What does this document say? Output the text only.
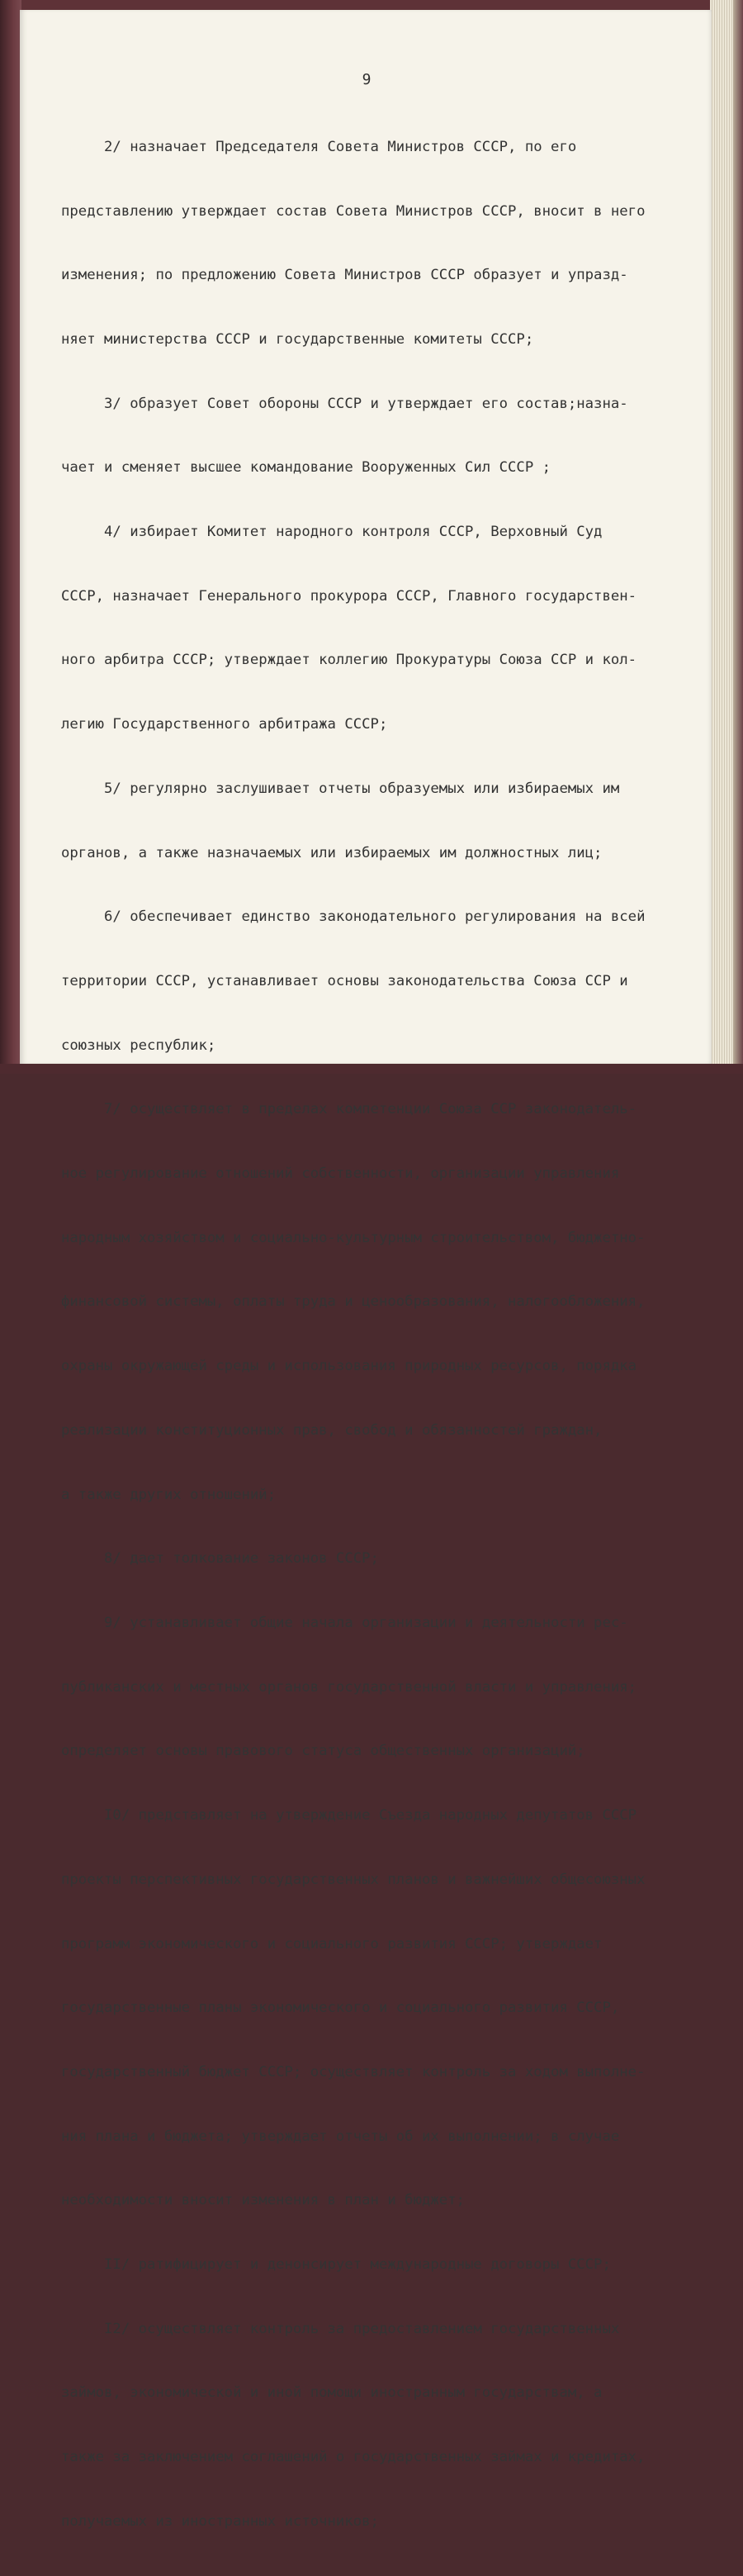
9

2/ назначает Председателя Совета Министров СССР, по его

представлению утверждает состав Совета Министров СССР, вносит в него

изменения; по предложению Совета Министров СССР образует и упразд-

няет министерства СССР и государственные комитеты СССР;

3/ образует Совет обороны СССР и утверждает его состав;назна-

чает и сменяет высшее командование Вооруженных Сил СССР ;

4/ избирает Комитет народного контроля СССР, Верховный Суд

СССР, назначает Генерального прокурора СССР, Главного государствен-

ного арбитра СССР; утверждает коллегию Прокуратуры Союза ССР и кол-

легию Государственного арбитража СССР;

5/ регулярно заслушивает отчеты образуемых или избираемых им

органов, а также назначаемых или избираемых им должностных лиц;

6/ обеспечивает единство законодательного регулирования на всей

территории СССР, устанавливает основы законодательства Союза ССР и

союзных республик;

7/ осуществляет в пределах компетенции Союза ССР законодатель-

ное регулирование отношений собственности, организации управления

народным хозяйством и социально-культурным строительством, бюджетно-

финансовой системы, оплаты труда и ценообразования, налогообложения,

охраны окружающей среды и использования природных ресурсов, порядка

реализации конституционных прав, свобод и обязанностей граждан,

а также других отношений;

8/ дает толкование законов СССР;

9/ устанавливает общие начала организации и деятельности рес-

публиканских и местных органов государственной власти и управления;

определяет основы правового статуса общественных организаций;

I0/ представляет на утверждение Съезда народных депутатов СССР

проекты перспективных государственных планов и важнейших общесоюзных

программ экономического и социального развития СССР; утверждает

государственные планы экономического и социального развития СССР,

государственный бюджет СССР; осуществляет контроль за ходом выполне-

ния плана и бюджета; утверждает отчеты об их выполнении; в случае

необходимости вносит изменения в план и бюджет;

II/ ратифицирует и денонсирует международные договоры СССР;

I2/ осуществляет контроль за предоставлением государственных

займов, экономической и иной помощи иностранным государствам, а

также за заключением соглашений о государственных займах и кредитах,

получаемых из иностранных источников;
